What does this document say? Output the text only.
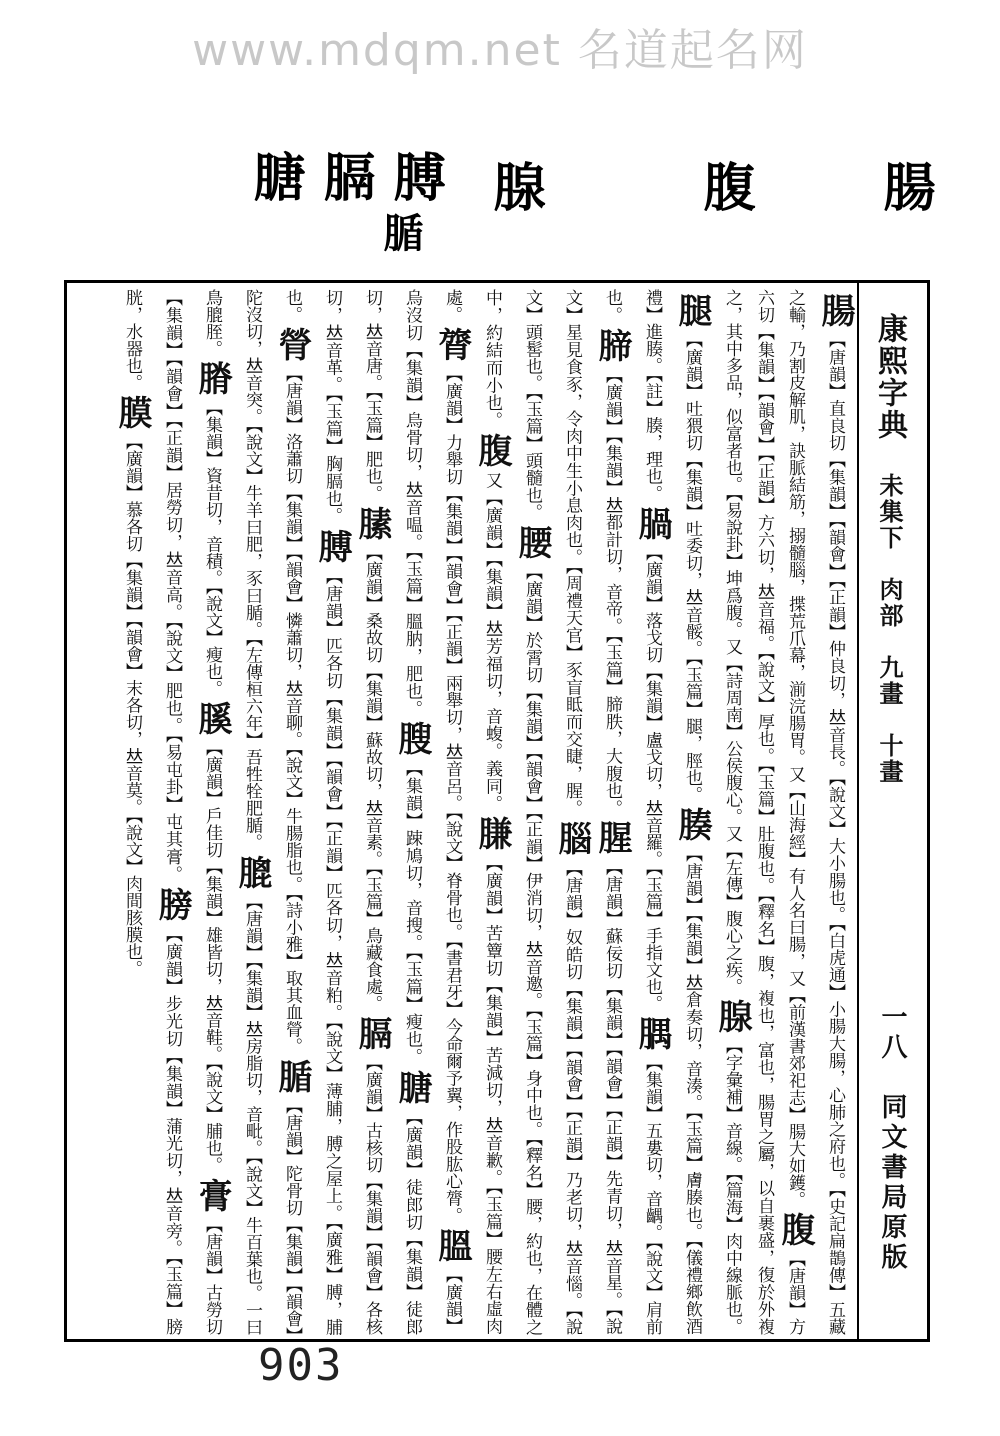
www.mdqm.net 名道起名网
腸
腹
腺
膊
膈
腯
膅
康熙字典　未集下　肉部　九畫　十畫
一八　同文書局原版
腸【唐韻】直良切【集韻】【韻會】【正韻】仲良切，𠀤音長。【說文】大小腸也。【白虎通】小腸大腸，心肺之府也。【史記扁鵲傳】五藏之輸，乃割皮解肌，訣脈結筋，搦髓腦，揲荒爪幕，湔浣腸胃。又【山海經】有人名曰腸，又【前漢書郊祀志】腸大如鑊。腹【唐韻】方六切【集韻】【韻會】【正韻】方六切，𠀤音福。【說文】厚也。【玉篇】肚腹也。【釋名】腹，複也，富也，腸胃之屬，以自裹盛，復於外複之，其中多品，似富者也。【易說卦】坤爲腹。又【詩周南】公侯腹心。又【左傳】腹心之疾。腺【字彙補】音線。【篇海】肉中線脈也。腿【廣韻】吐猥切【集韻】吐委切，𠀤音骽。【玉篇】腿，脛也。腠【唐韻】【集韻】𠀤倉奏切，音湊。【玉篇】膚腠也。【儀禮鄉飲酒禮】進腠。【註】腠，理也。腡【廣韻】落戈切【集韻】盧戈切，𠀤音羅。【玉篇】手指文也。腢【集韻】五婁切，音齵。【說文】肩前也。腣【廣韻】【集韻】𠀤都計切，音帝。【玉篇】腣胅，大腹也。腥【唐韻】蘇佞切【集韻】【韻會】【正韻】先青切，𠀤音星。【說文】星見食豕，令肉中生小息肉也。【周禮天官】豕盲眡而交睫，腥。腦【唐韻】奴皓切【集韻】【韻會】【正韻】乃老切，𠀤音惱。【說文】頭䯻也。【玉篇】頭髓也。腰【廣韻】於霄切【集韻】【韻會】【正韻】伊消切，𠀤音邀。【玉篇】身中也。【釋名】腰，約也，在體之中，約結而小也。腹又【廣韻】【集韻】𠀤芳福切，音蝮。義同。膁【廣韻】苦簟切【集韻】苦減切，𠀤音歉。【玉篇】腰左右虛肉處。膂【廣韻】力舉切【集韻】【韻會】【正韻】兩舉切，𠀤音呂。【說文】脊骨也。【書君牙】今命爾予翼，作股肱心膂。膃【廣韻】烏沒切【集韻】烏骨切，𠀤音嗢。【玉篇】膃肭，肥也。膄【集韻】踈鳩切，音搜。【玉篇】瘦也。膅【廣韻】徒郎切【集韻】徒郎切，𠀤音唐。【玉篇】肥也。膆【廣韻】桑故切【集韻】蘇故切，𠀤音素。【玉篇】鳥藏食處。膈【廣韻】古核切【集韻】【韻會】各核切，𠀤音革。【玉篇】胸膈也。膊【唐韻】匹各切【集韻】【韻會】【正韻】匹各切，𠀤音粕。【說文】薄脯，膊之屋上。【廣雅】膊，脯也。膋【唐韻】洛蕭切【集韻】【韻會】憐蕭切，𠀤音聊。【說文】牛腸脂也。【詩小雅】取其血膋。腯【唐韻】陀骨切【集韻】【韻會】陀沒切，𠀤音突。【說文】牛羊曰肥，豕曰腯。【左傳桓六年】吾牲牷肥腯。膍【唐韻】【集韻】𠀤房脂切，音毗。【說文】牛百葉也。一曰鳥膍胵。膌【集韻】資昔切，音積。【說文】瘦也。膎【廣韻】戶佳切【集韻】雄皆切，𠀤音鞋。【說文】脯也。膏【唐韻】古勞切【集韻】【韻會】【正韻】居勞切，𠀤音高。【說文】肥也。【易屯卦】屯其膏。膀【廣韻】步光切【集韻】蒲光切，𠀤音旁。【玉篇】膀胱，水器也。膜【廣韻】慕各切【集韻】【韻會】末各切，𠀤音莫。【說文】肉間胲膜也。
903
